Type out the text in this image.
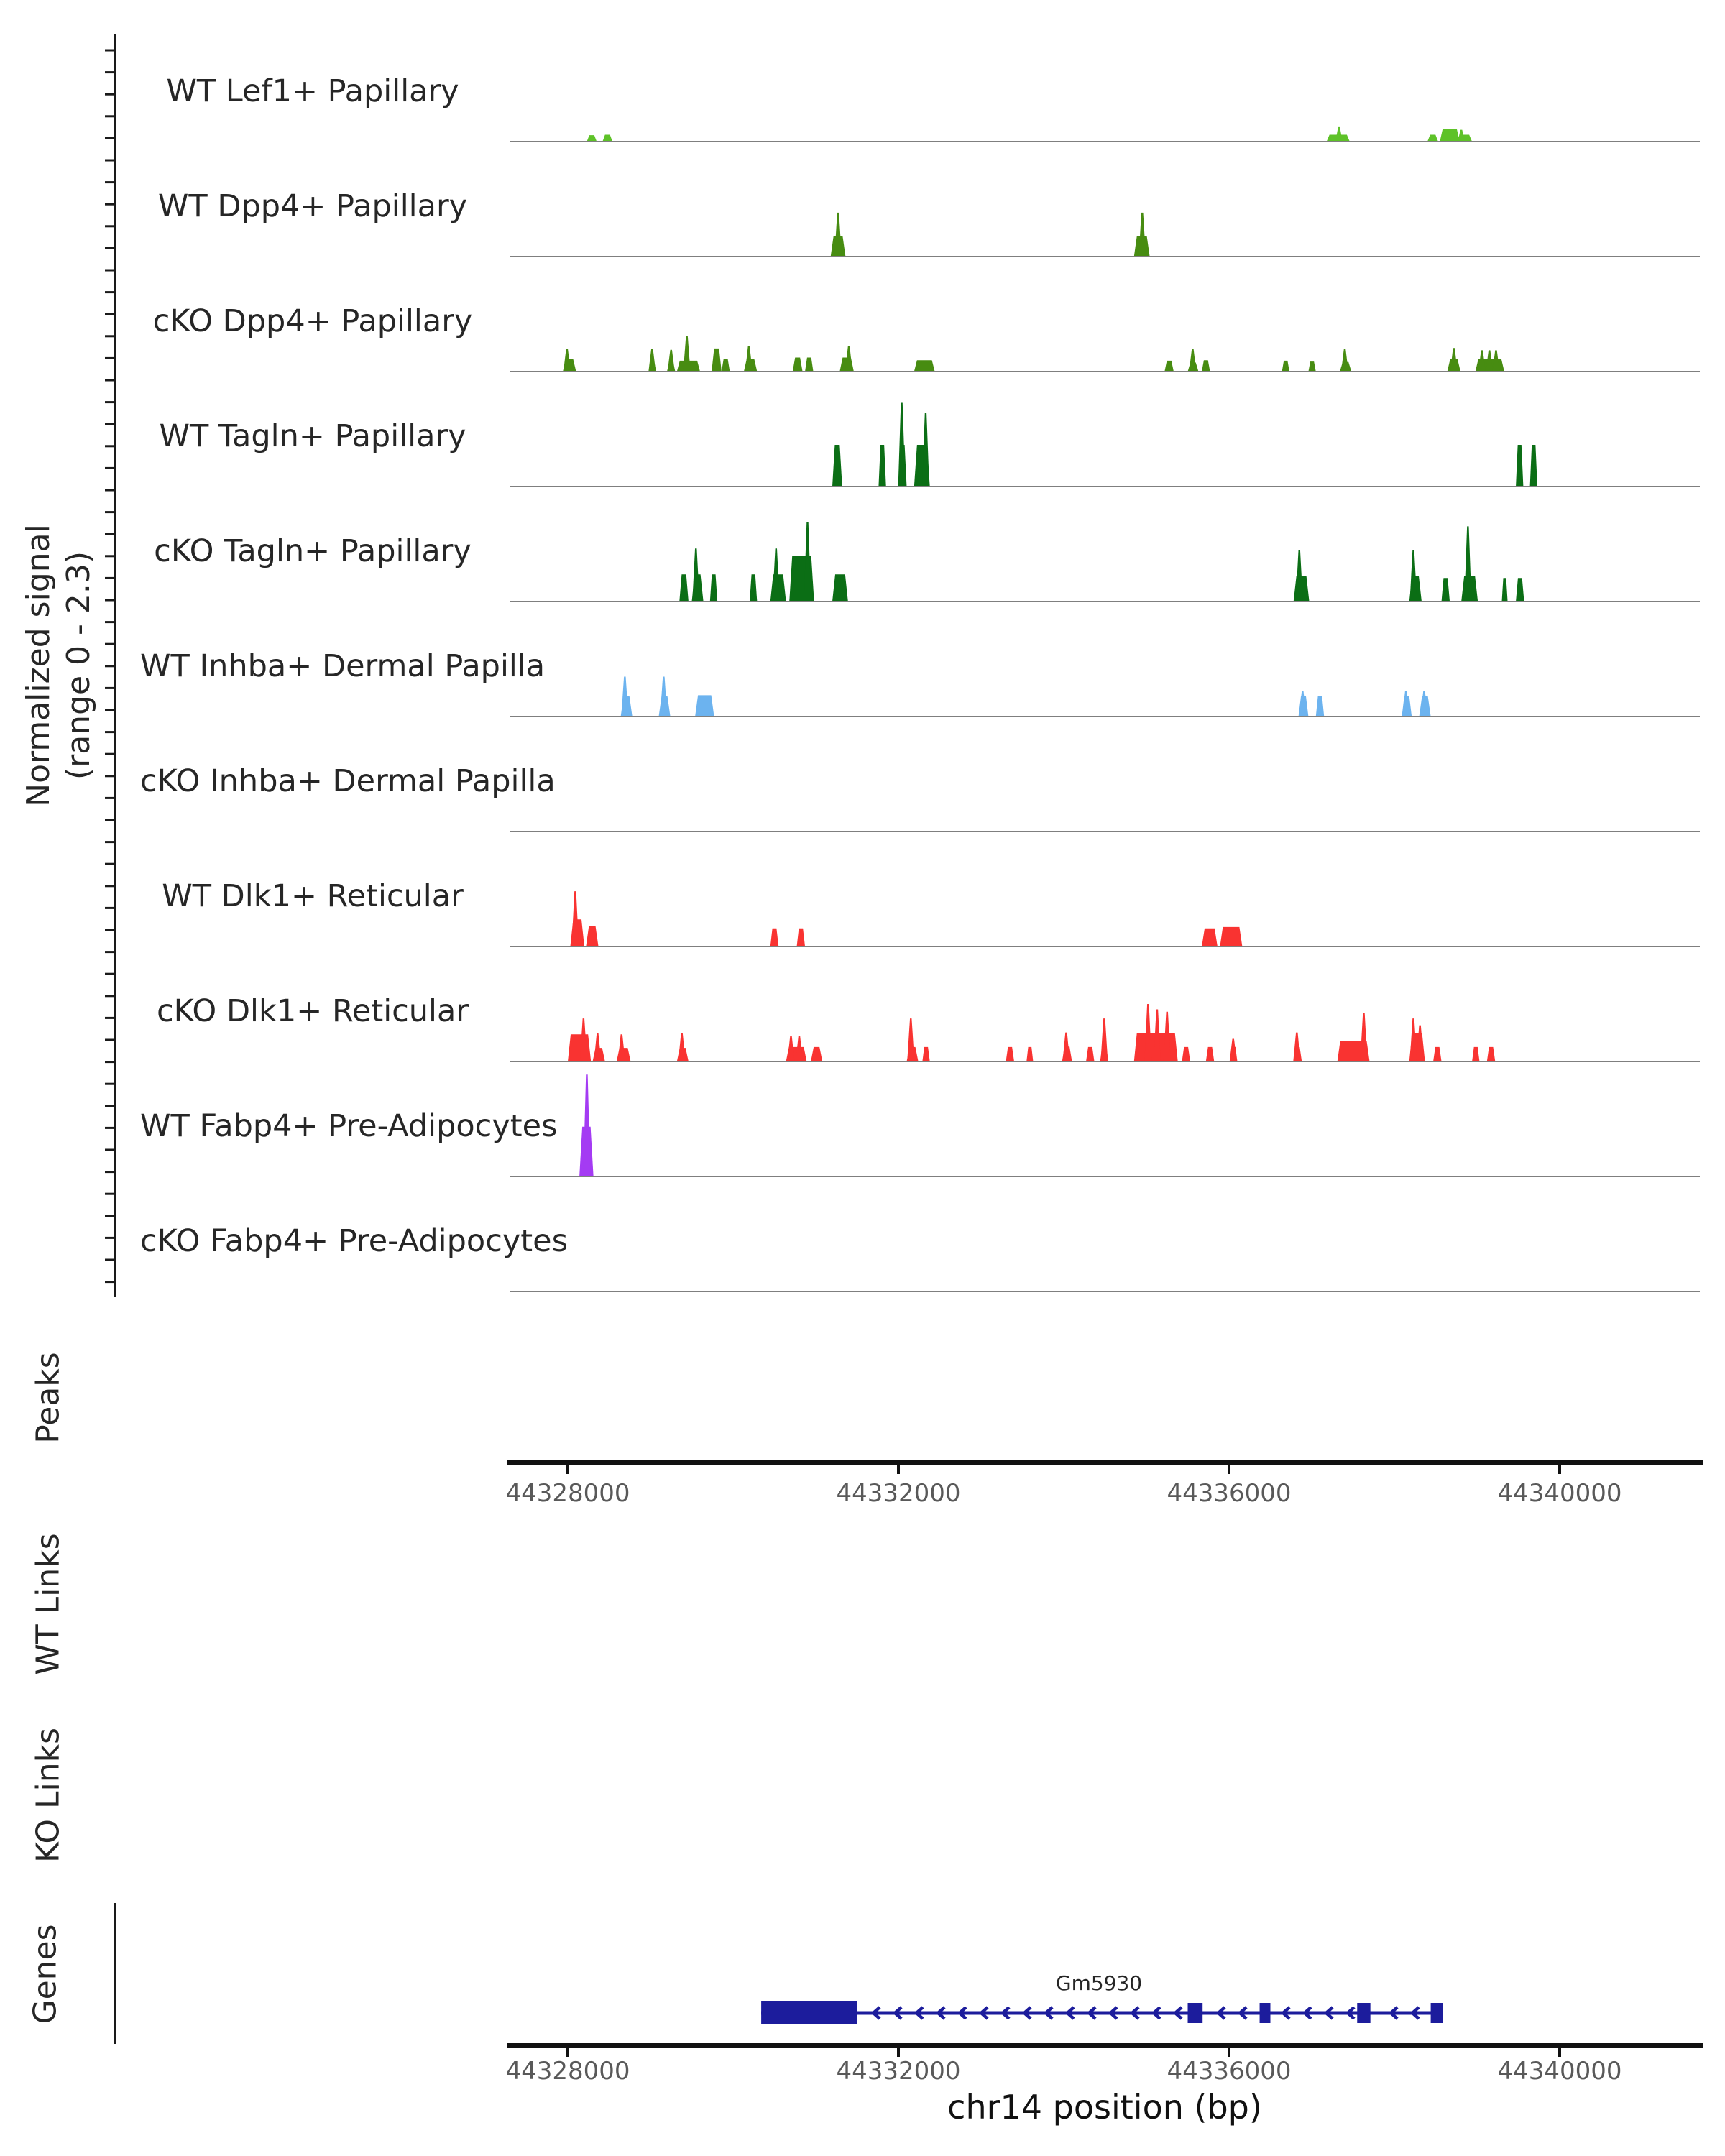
Normalized signal (range 0 - 2.3)
WT Lef1+ Papillary
WT Dpp4+ Papillary
cKO Dpp4+ Papillary
WT Tagln+ Papillary
cKO Tagln+ Papillary
WT Inhba+ Dermal Papilla
cKO Inhba+ Dermal Papilla
WT Dlk1+ Reticular
cKO Dlk1+ Reticular
WT Fabp4+ Pre-Adipocytes
cKO Fabp4+ Pre-Adipocytes
Peaks
WT Links
KO Links
Genes
44328000	44332000	44336000	44340000
Gm5930
44328000	44332000	44336000	44340000
chr14 position (bp)
